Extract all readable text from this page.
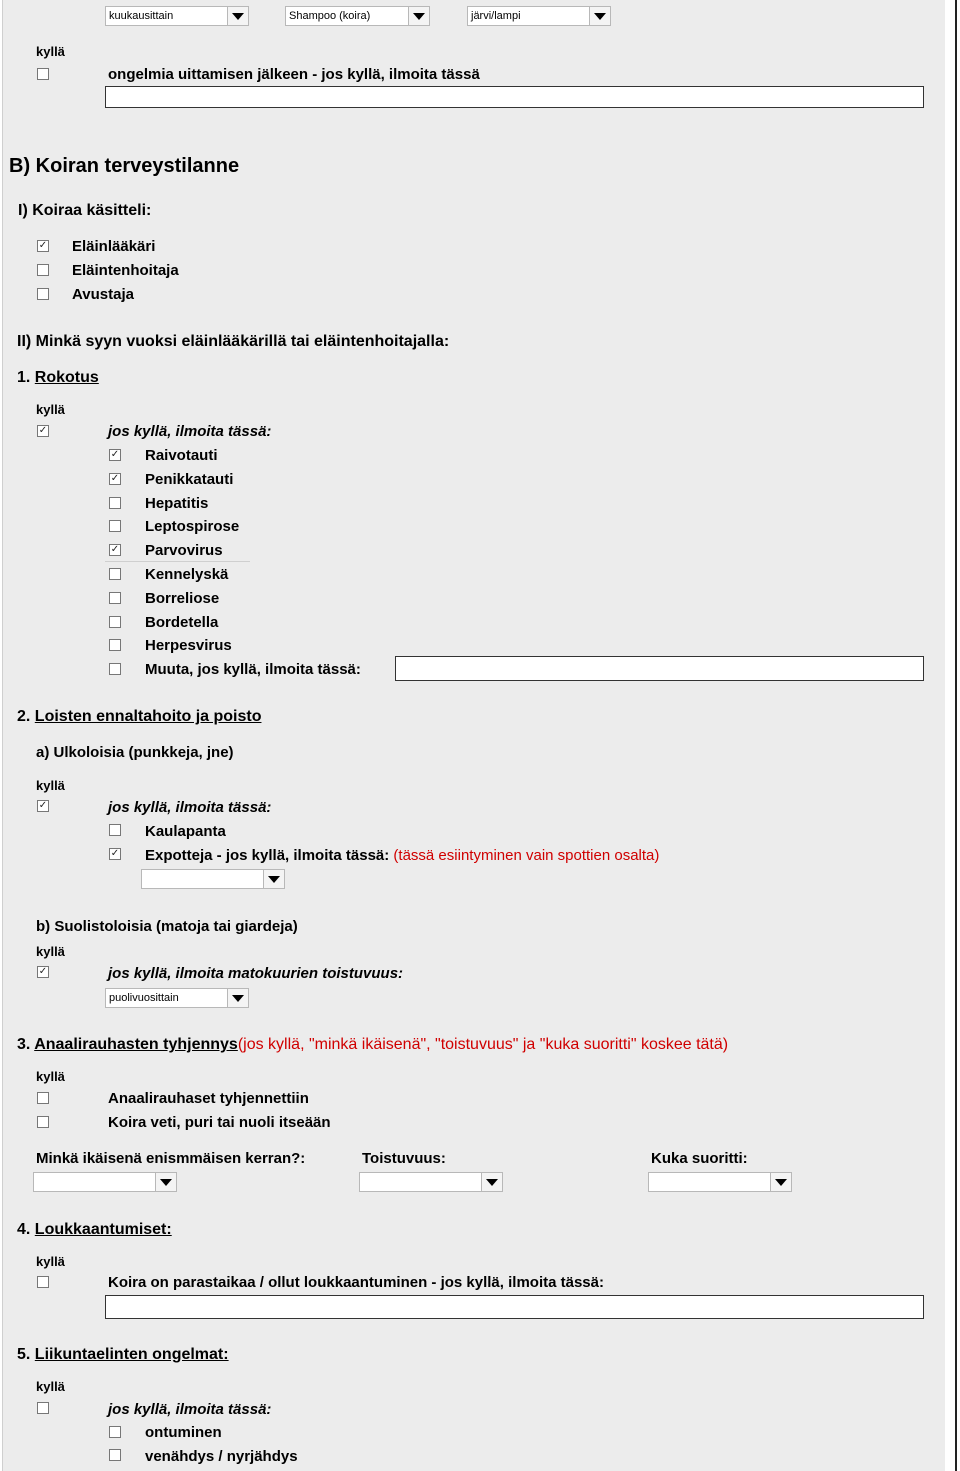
kuukausittain	Shampoo (koira)	järvi/lampi
kyllä
ongelmia uittamisen jälkeen - jos kyllä, ilmoita tässä
B) Koiran terveystilanne
I) Koiraa käsitteli:
✓ Eläinlääkäri
Eläintenhoitaja
Avustaja
II) Minkä syyn vuoksi eläinlääkärillä tai eläintenhoitajalla:
1. Rokotus
kyllä
✓	jos kyllä, ilmoita tässä:
✓ Raivotauti
✓ Penikkatauti
Hepatitis
Leptospirose
✓ Parvovirus
Kennelyskä
Borreliose
Bordetella
Herpesvirus
Muuta, jos kyllä, ilmoita tässä:
2. Loisten ennaltahoito ja poisto
a) Ulkoloisia (punkkeja, jne)
kyllä
✓	jos kyllä, ilmoita tässä:
Kaulapanta
✓ Expotteja - jos kyllä, ilmoita tässä: (tässä esiintyminen vain spottien osalta)
b) Suolistoloisia (matoja tai giardeja)
kyllä
✓	jos kyllä, ilmoita matokuurien toistuvuus:
puolivuosittain
3. Anaalirauhasten tyhjennys(jos kyllä, "minkä ikäisenä", "toistuvuus" ja "kuka suoritti" koskee tätä)
kyllä
Anaalirauhaset tyhjennettiin
Koira veti, puri tai nuoli itseään
Minkä ikäisenä enismmäisen kerran?:	Toistuvuus:	Kuka suoritti:
4. Loukkaantumiset:
kyllä
Koira on parastaikaa / ollut loukkaantuminen - jos kyllä, ilmoita tässä:
5. Liikuntaelinten ongelmat:
kyllä
jos kyllä, ilmoita tässä:
ontuminen
venähdys / nyrjähdys
